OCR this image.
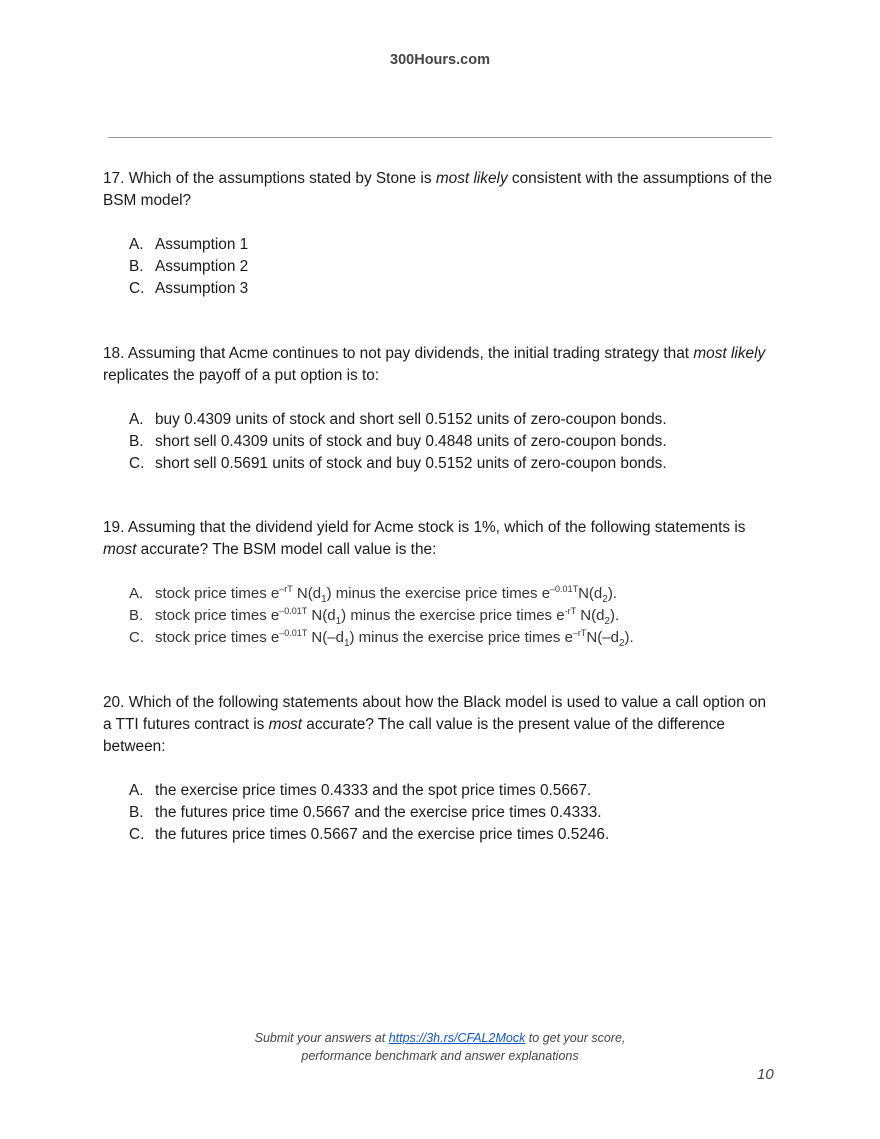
300Hours.com

17. Which of the assumptions stated by Stone is most likely consistent with the assumptions of the BSM model?

A. Assumption 1
B. Assumption 2
C. Assumption 3

18. Assuming that Acme continues to not pay dividends, the initial trading strategy that most likely replicates the payoff of a put option is to:

A. buy 0.4309 units of stock and short sell 0.5152 units of zero-coupon bonds.
B. short sell 0.4309 units of stock and buy 0.4848 units of zero-coupon bonds.
C. short sell 0.5691 units of stock and buy 0.5152 units of zero-coupon bonds.

19. Assuming that the dividend yield for Acme stock is 1%, which of the following statements is most accurate? The BSM model call value is the:

A. stock price times $e^{-rT}$ $N(d_1)$ minus the exercise price times $e^{-0.01T}N(d_2)$.
B. stock price times $e^{-0.01T}$ $N(d_1)$ minus the exercise price times $e^{-rT}$ $N(d_2)$.
C. stock price times $e^{-0.01T}$ $N(-d_1)$ minus the exercise price times $e^{-rT}N(-d_2)$.

20. Which of the following statements about how the Black model is used to value a call option on a TTI futures contract is most accurate? The call value is the present value of the difference between:

A. the exercise price times 0.4333 and the spot price times 0.5667.
B. the futures price time 0.5667 and the exercise price times 0.4333.
C. the futures price times 0.5667 and the exercise price times 0.5246.
Submit your answers at https://3h.rs/CFAL2Mock to get your score,
performance benchmark and answer explanations
10
